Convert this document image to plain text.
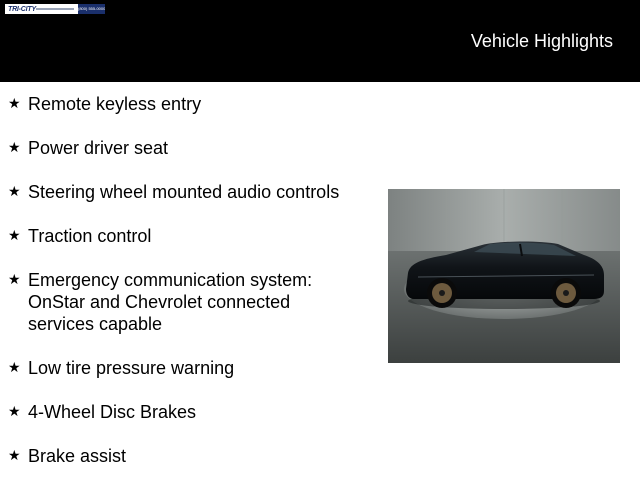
TRI-CITY	(800) 555-0000
Vehicle Highlights
★ Remote keyless entry
★ Power driver seat
★ Steering wheel mounted audio controls
★ Traction control
★ Emergency communication system: OnStar and Chevrolet connected services capable
★ Low tire pressure warning
★ 4-Wheel Disc Brakes
★ Brake assist
